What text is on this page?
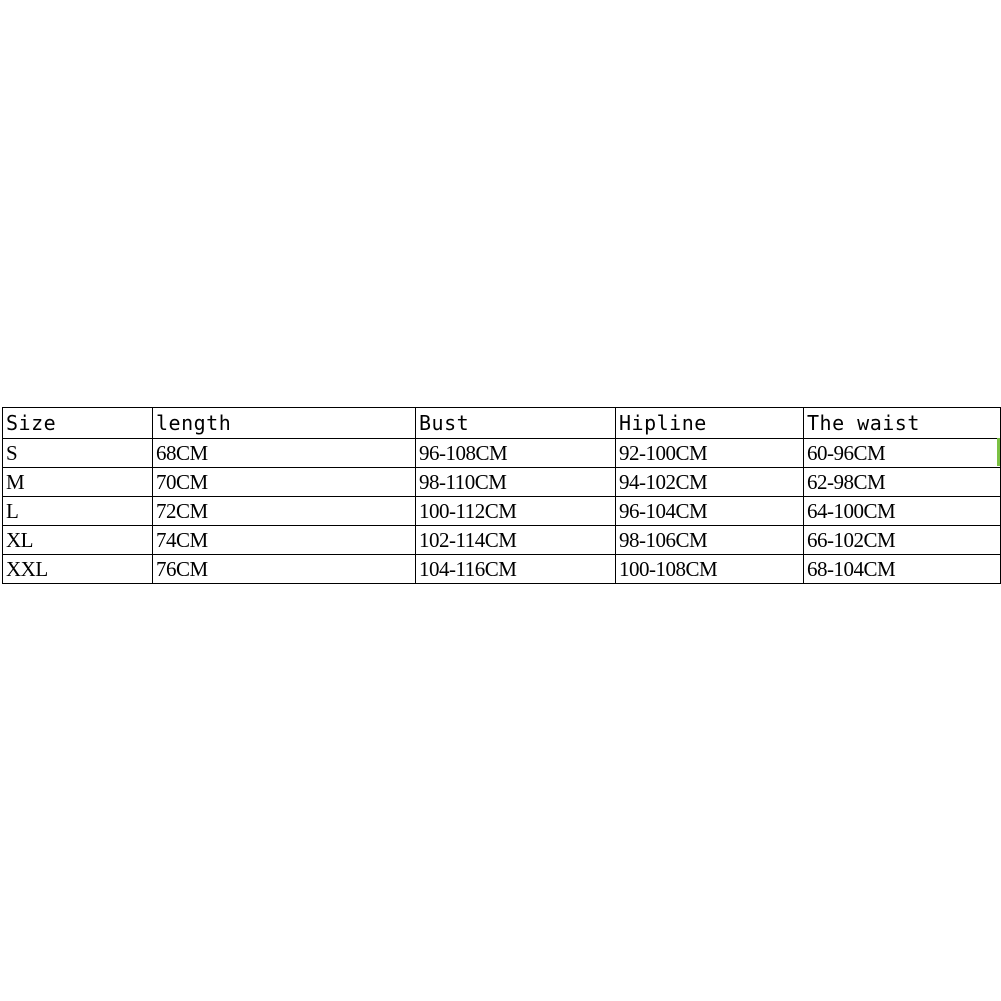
Size	length	Bust	Hipline	The waist
S	68CM	96-108CM	92-100CM	60-96CM
M	70CM	98-110CM	94-102CM	62-98CM
L	72CM	100-112CM	96-104CM	64-100CM
XL	74CM	102-114CM	98-106CM	66-102CM
XXL	76CM	104-116CM	100-108CM	68-104CM
